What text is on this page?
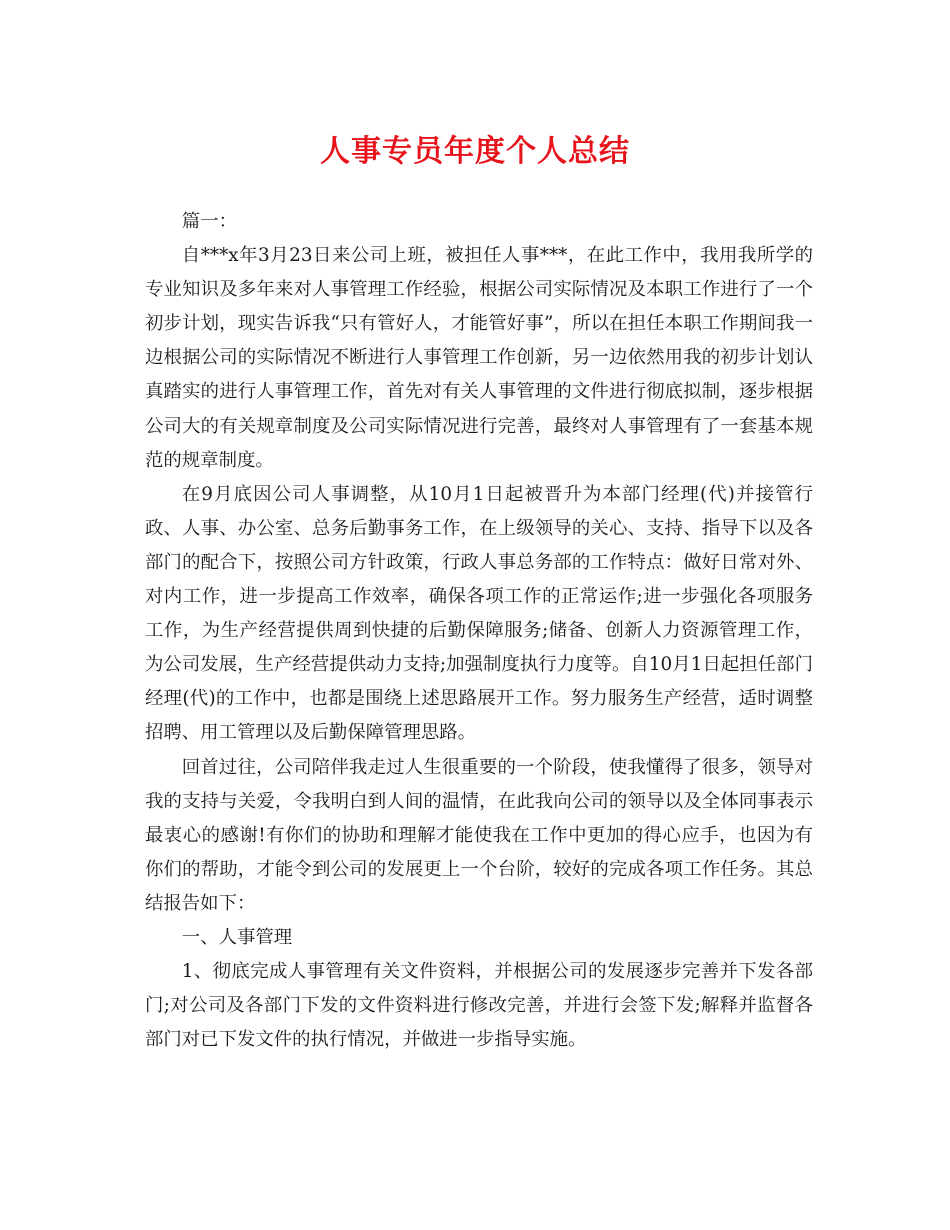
人事专员年度个人总结

篇一：

自***x年3月23日来公司上班，被担任人事***，在此工作中，我用我所学的专业知识及多年来对人事管理工作经验，根据公司实际情况及本职工作进行了一个初步计划，现实告诉我“只有管好人，才能管好事”，所以在担任本职工作期间我一边根据公司的实际情况不断进行人事管理工作创新，另一边依然用我的初步计划认真踏实的进行人事管理工作，首先对有关人事管理的文件进行彻底拟制，逐步根据公司大的有关规章制度及公司实际情况进行完善，最终对人事管理有了一套基本规范的规章制度。

在9月底因公司人事调整，从10月1日起被晋升为本部门经理(代)并接管行政、人事、办公室、总务后勤事务工作，在上级领导的关心、支持、指导下以及各部门的配合下，按照公司方针政策，行政人事总务部的工作特点：做好日常对外、对内工作，进一步提高工作效率，确保各项工作的正常运作;进一步强化各项服务工作，为生产经营提供周到快捷的后勤保障服务;储备、创新人力资源管理工作，为公司发展，生产经营提供动力支持;加强制度执行力度等。自10月1日起担任部门经理(代)的工作中，也都是围绕上述思路展开工作。努力服务生产经营，适时调整招聘、用工管理以及后勤保障管理思路。

回首过往，公司陪伴我走过人生很重要的一个阶段，使我懂得了很多，领导对我的支持与关爱，令我明白到人间的温情，在此我向公司的领导以及全体同事表示最衷心的感谢!有你们的协助和理解才能使我在工作中更加的得心应手，也因为有你们的帮助，才能令到公司的发展更上一个台阶，较好的完成各项工作任务。其总结报告如下：

一、人事管理

1、彻底完成人事管理有关文件资料，并根据公司的发展逐步完善并下发各部门;对公司及各部门下发的文件资料进行修改完善，并进行会签下发;解释并监督各部门对已下发文件的执行情况，并做进一步指导实施。
